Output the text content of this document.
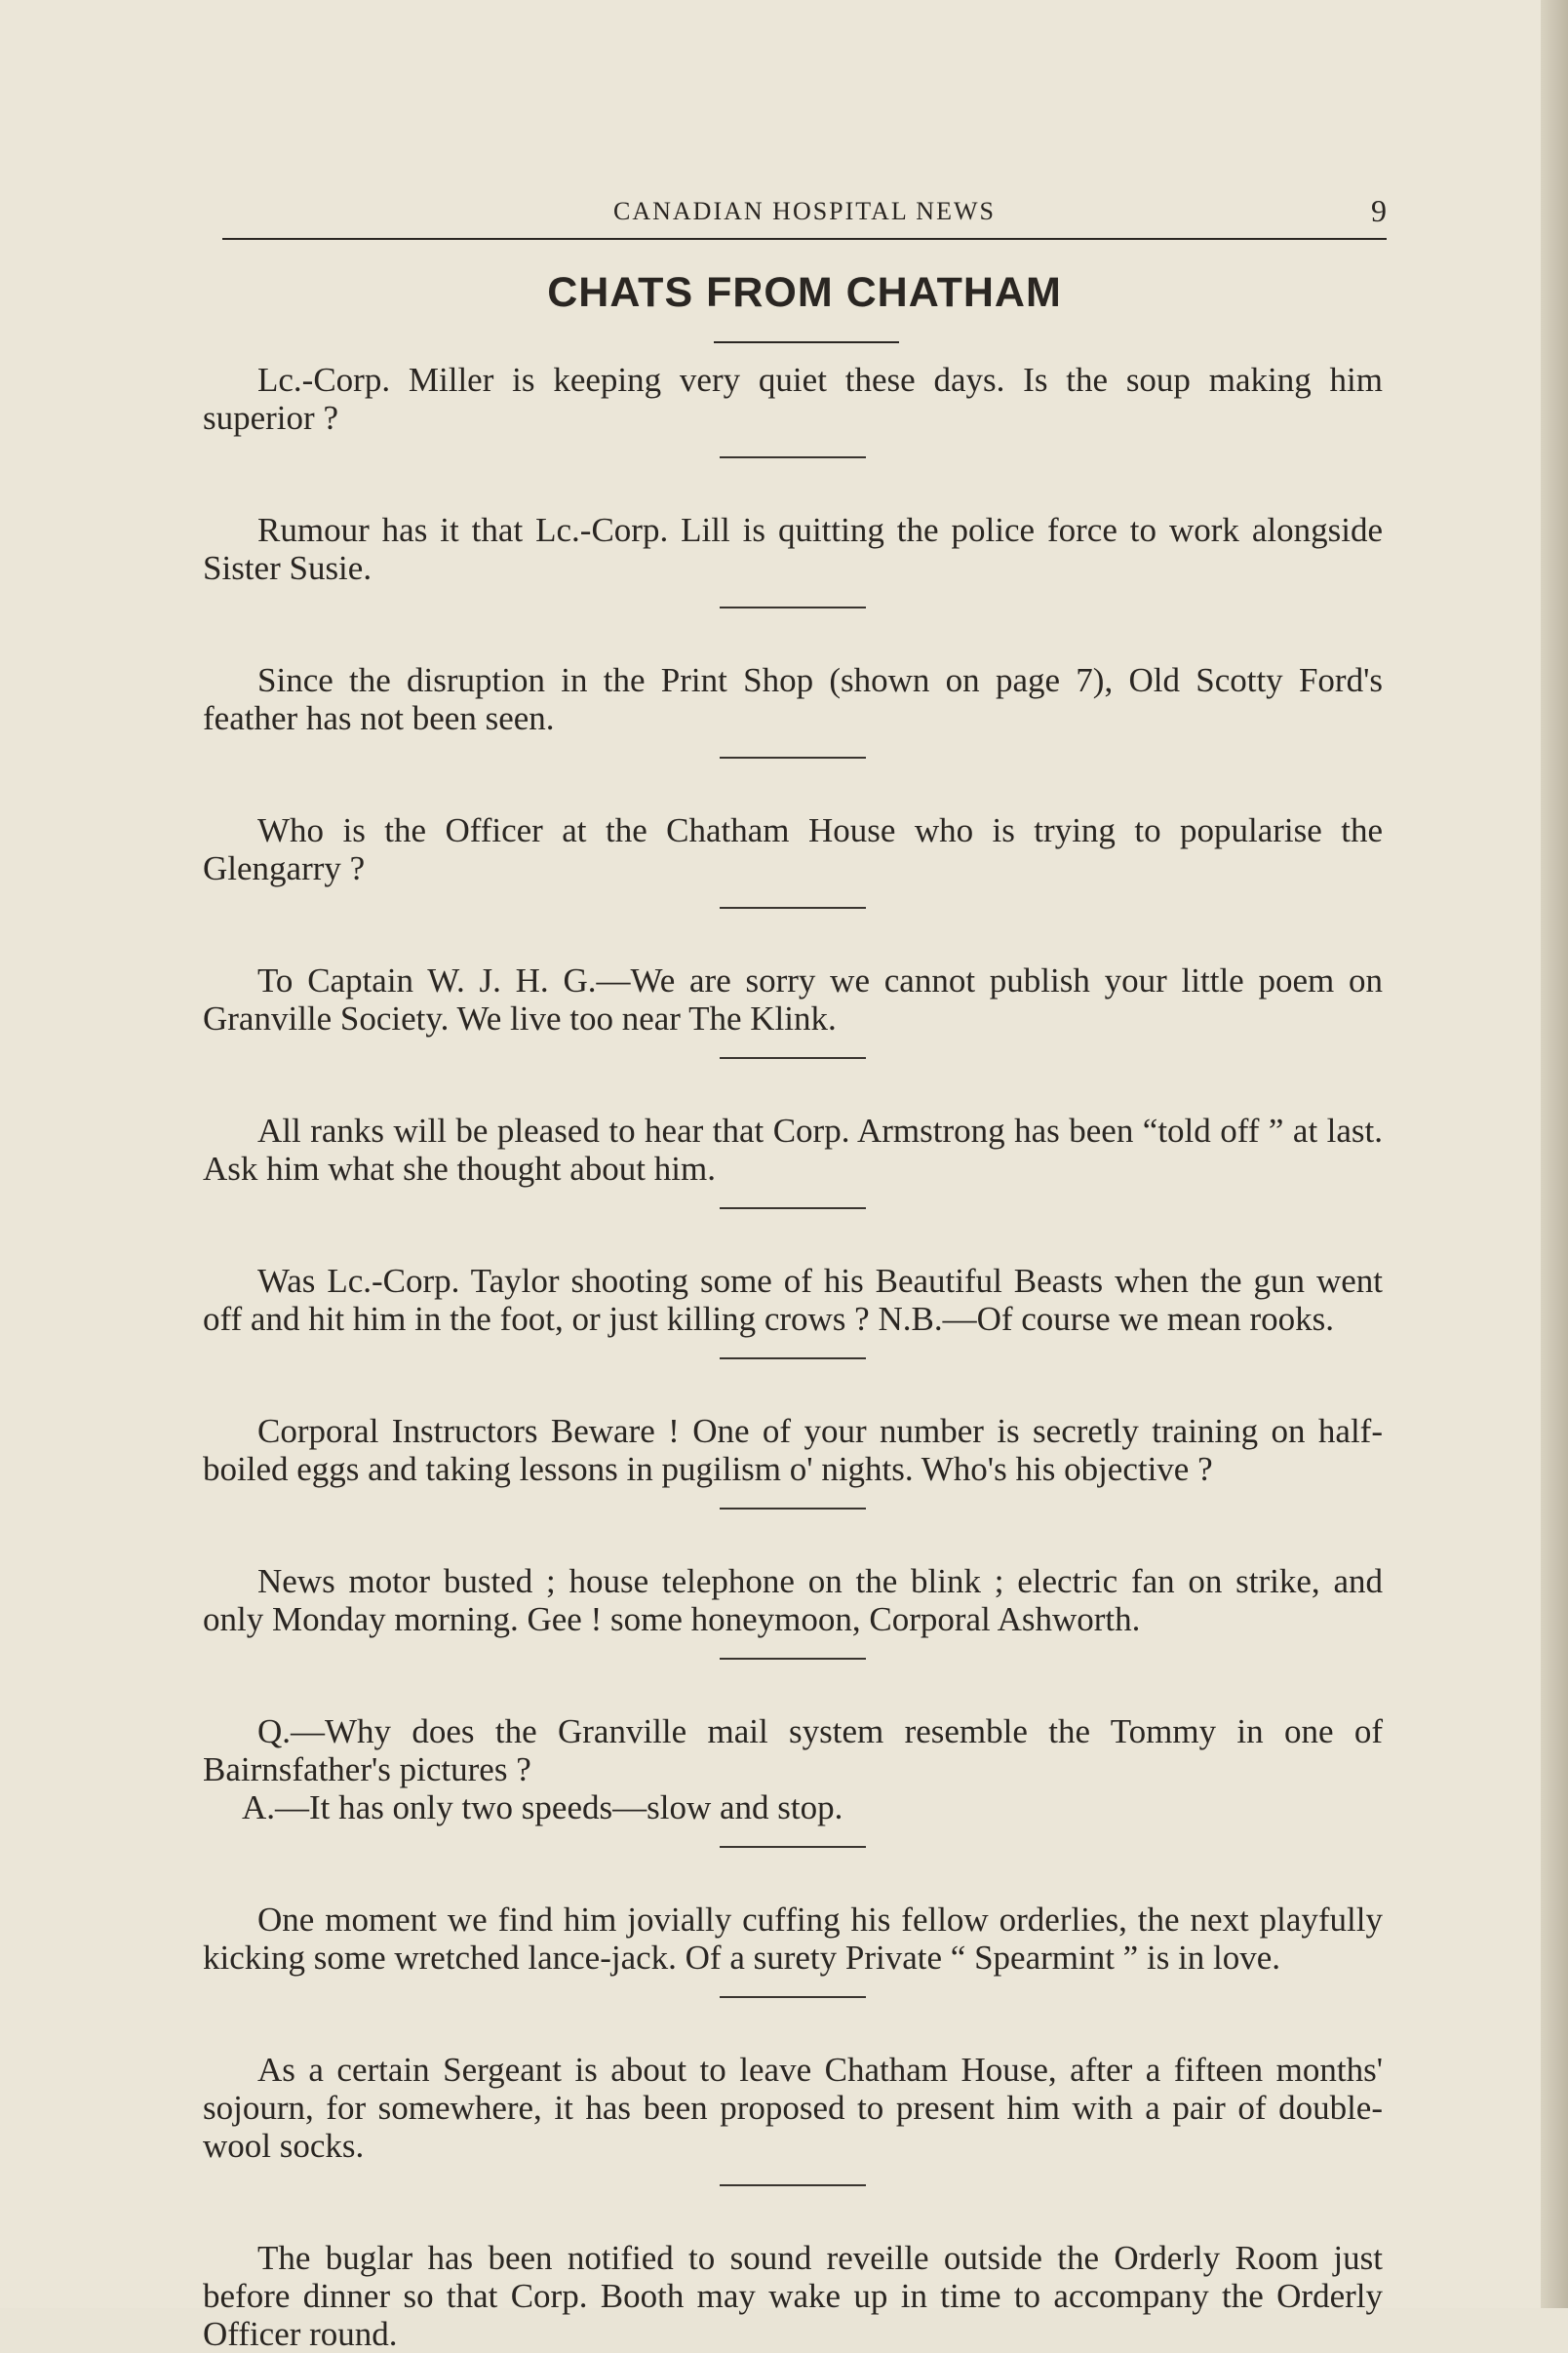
CANADIAN HOSPITAL NEWS	9
CHATS FROM CHATHAM

Lc.-Corp. Miller is keeping very quiet these days. Is the soup making him superior ?

Rumour has it that Lc.-Corp. Lill is quitting the police force to work alongside Sister Susie.

Since the disruption in the Print Shop (shown on page 7), Old Scotty Ford's feather has not been seen.

Who is the Officer at the Chatham House who is trying to popularise the Glengarry ?

To Captain W. J. H. G.—We are sorry we cannot publish your little poem on Granville Society. We live too near The Klink.

All ranks will be pleased to hear that Corp. Armstrong has been “told off ” at last. Ask him what she thought about him.

Was Lc.-Corp. Taylor shooting some of his Beautiful Beasts when the gun went off and hit him in the foot, or just killing crows ? N.B.—Of course we mean rooks.

Corporal Instructors Beware ! One of your number is secretly training on half-boiled eggs and taking lessons in pugilism o' nights. Who's his objective ?

News motor busted ; house telephone on the blink ; electric fan on strike, and only Monday morning. Gee ! some honeymoon, Corporal Ashworth.

Q.—Why does the Granville mail system resemble the Tommy in one of Bairnsfather's pictures ?

A.—It has only two speeds—slow and stop.

One moment we find him jovially cuffing his fellow orderlies, the next playfully kicking some wretched lance-jack. Of a surety Private “ Spearmint ” is in love.

As a certain Sergeant is about to leave Chatham House, after a fifteen months' sojourn, for somewhere, it has been proposed to present him with a pair of double-wool socks.

The buglar has been notified to sound reveille outside the Orderly Room just before dinner so that Corp. Booth may wake up in time to accompany the Orderly Officer round.
